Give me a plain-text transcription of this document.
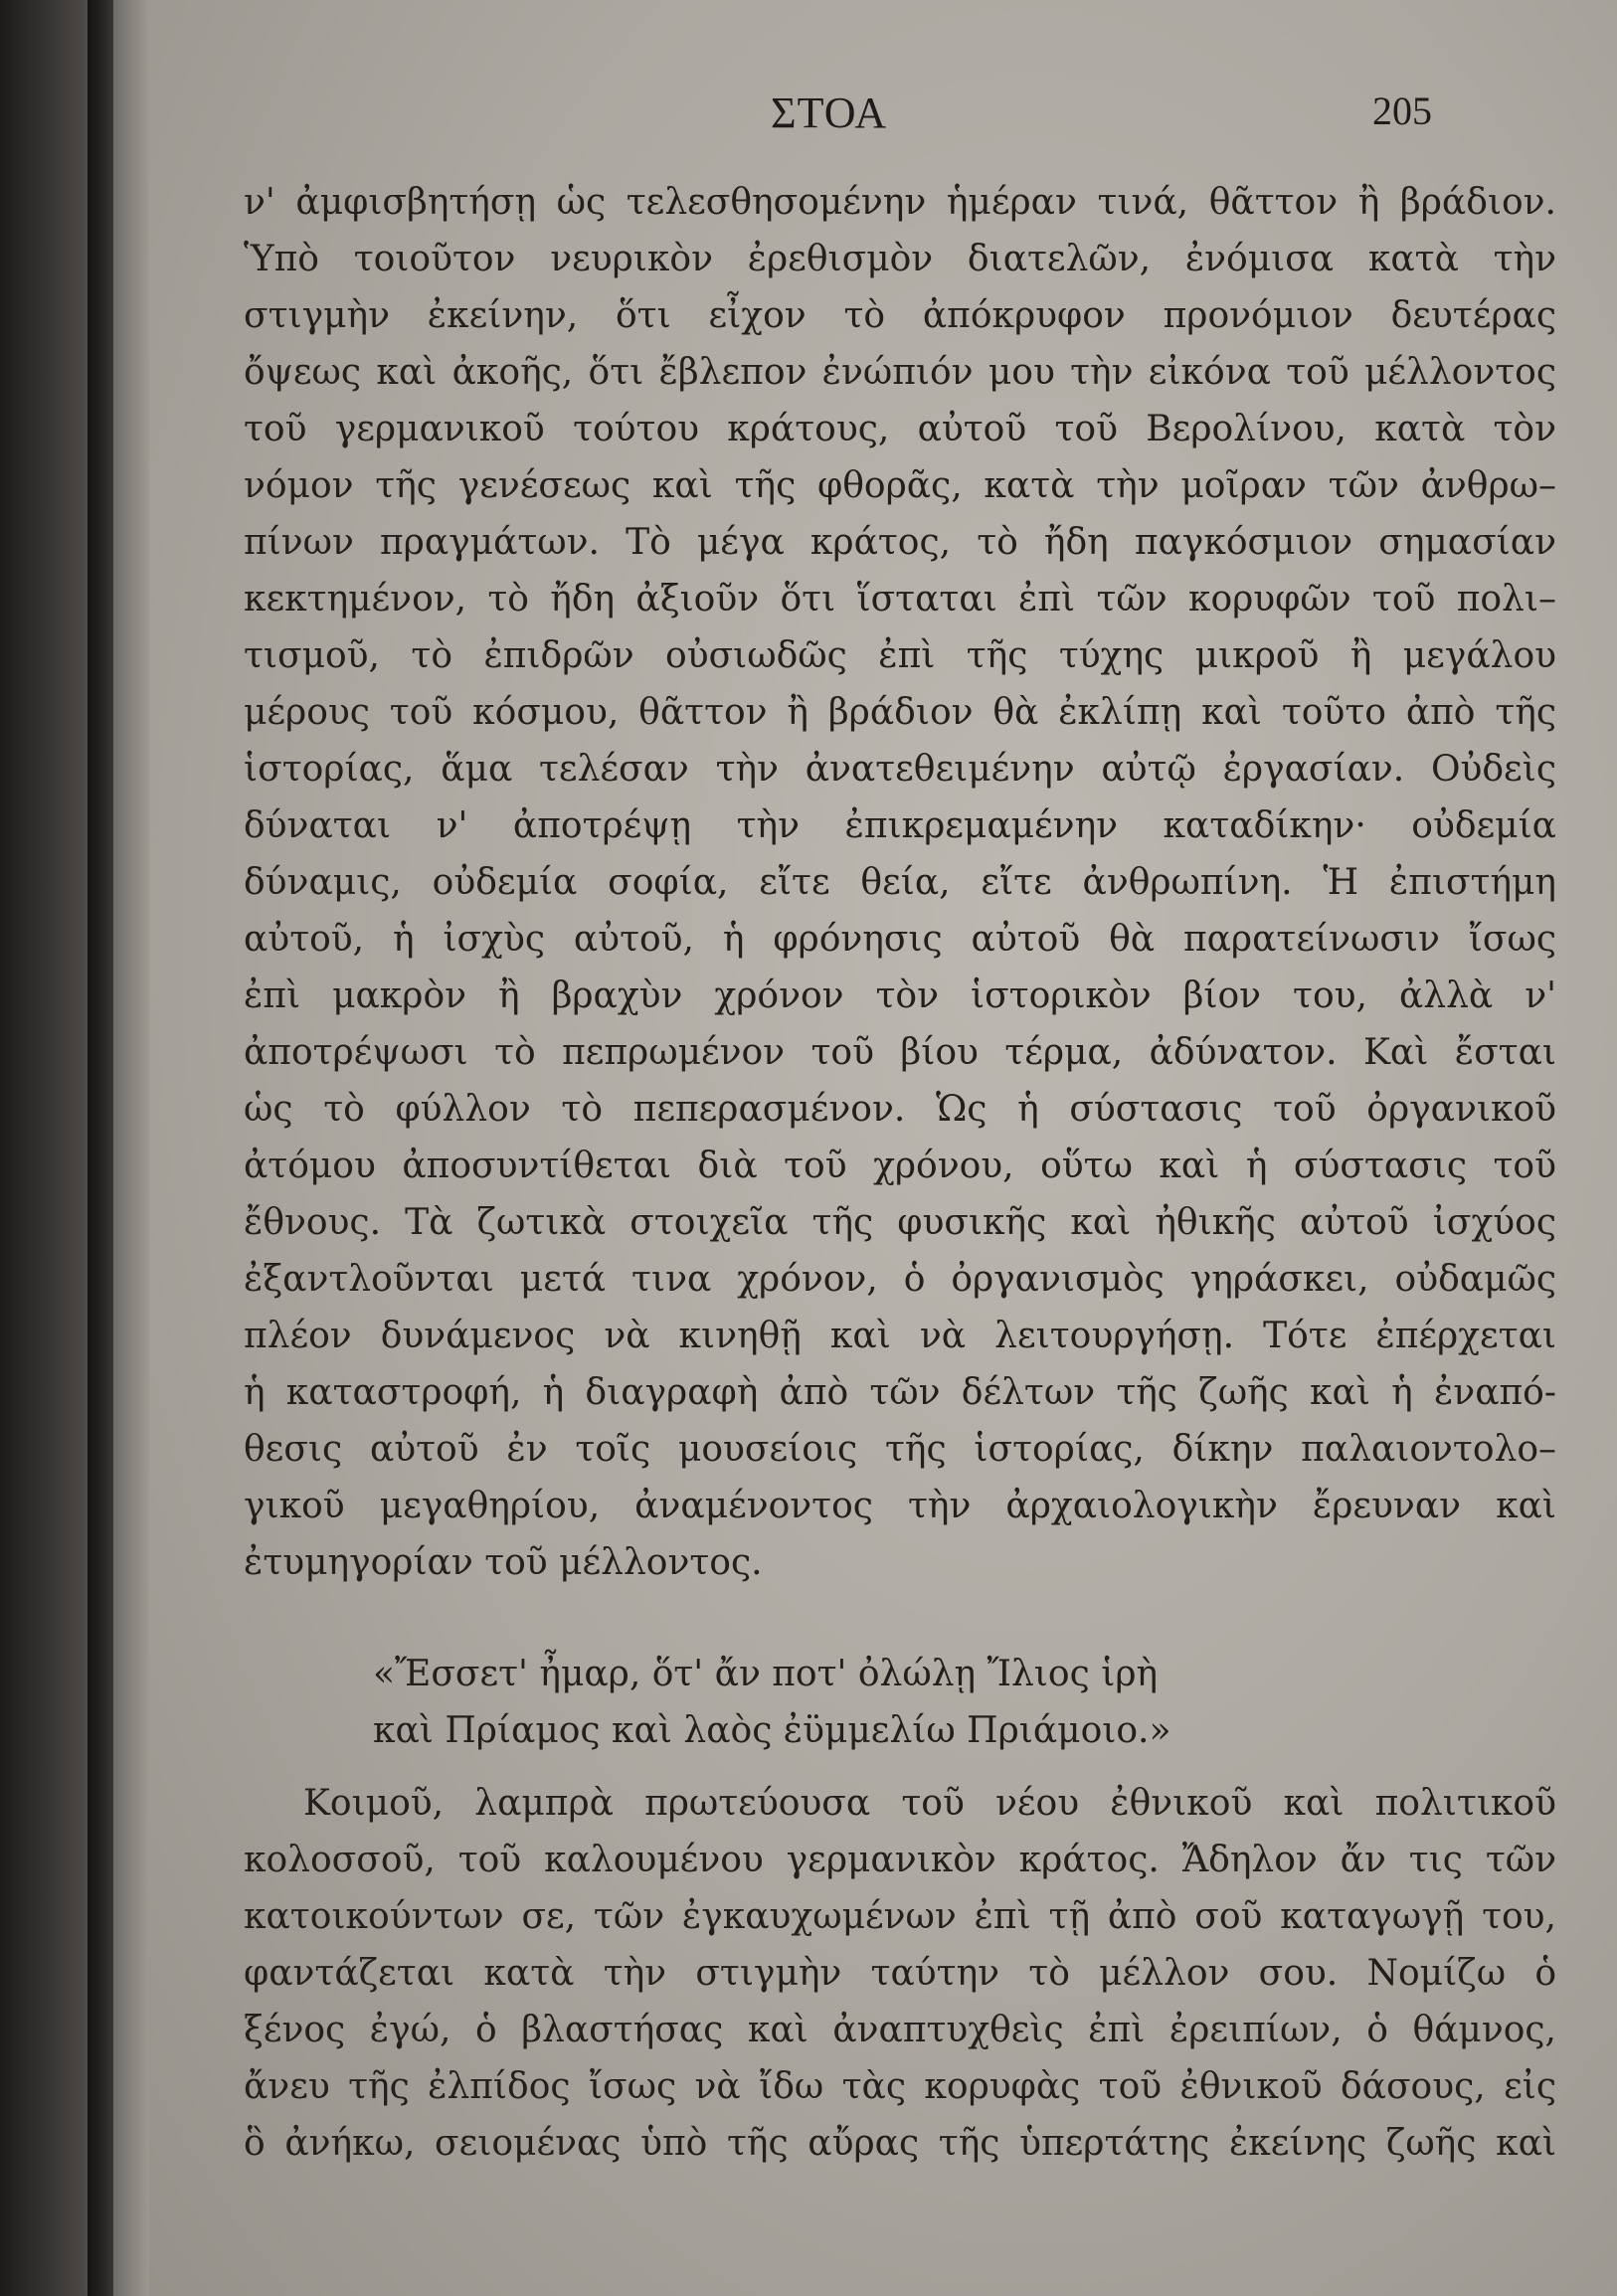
ΣΤΟΑ	205
ν' ἀμφισβητήσῃ ὡς τελεσθησομένην ἡμέραν τινά, θᾶττον ἢ βράδιον.
Ὑπὸ τοιοῦτον νευρικὸν ἐρεθισμὸν διατελῶν, ἐνόμισα κατὰ τὴν
στιγμὴν ἐκείνην, ὅτι εἶχον τὸ ἀπόκρυφον προνόμιον δευτέρας
ὄψεως καὶ ἀκοῆς, ὅτι ἔβλεπον ἐνώπιόν μου τὴν εἰκόνα τοῦ μέλλοντος
τοῦ γερμανικοῦ τούτου κράτους, αὐτοῦ τοῦ Βερολίνου, κατὰ τὸν
νόμον τῆς γενέσεως καὶ τῆς φθορᾶς, κατὰ τὴν μοῖραν τῶν ἀνθρω–
πίνων πραγμάτων. Τὸ μέγα κράτος, τὸ ἤδη παγκόσμιον σημασίαν
κεκτημένον, τὸ ἤδη ἀξιοῦν ὅτι ἵσταται ἐπὶ τῶν κορυφῶν τοῦ πολι–
τισμοῦ, τὸ ἐπιδρῶν οὐσιωδῶς ἐπὶ τῆς τύχης μικροῦ ἢ μεγάλου
μέρους τοῦ κόσμου, θᾶττον ἢ βράδιον θὰ ἐκλίπῃ καὶ τοῦτο ἀπὸ τῆς
ἱστορίας, ἅμα τελέσαν τὴν ἀνατεθειμένην αὐτῷ ἐργασίαν. Οὐδεὶς
δύναται ν' ἀποτρέψῃ τὴν ἐπικρεμαμένην καταδίκην· οὐδεμία
δύναμις, οὐδεμία σοφία, εἴτε θεία, εἴτε ἀνθρωπίνη. Ἡ ἐπιστήμη
αὐτοῦ, ἡ ἰσχὺς αὐτοῦ, ἡ φρόνησις αὐτοῦ θὰ παρατείνωσιν ἴσως
ἐπὶ μακρὸν ἢ βραχὺν χρόνον τὸν ἱστορικὸν βίον του, ἀλλὰ ν'
ἀποτρέψωσι τὸ πεπρωμένον τοῦ βίου τέρμα, ἀδύνατον. Καὶ ἔσται
ὡς τὸ φύλλον τὸ πεπερασμένον. Ὡς ἡ σύστασις τοῦ ὀργανικοῦ
ἀτόμου ἀποσυντίθεται διὰ τοῦ χρόνου, οὕτω καὶ ἡ σύστασις τοῦ
ἔθνους. Τὰ ζωτικὰ στοιχεῖα τῆς φυσικῆς καὶ ἠθικῆς αὐτοῦ ἰσχύος
ἐξαντλοῦνται μετά τινα χρόνον, ὁ ὀργανισμὸς γηράσκει, οὐδαμῶς
πλέον δυνάμενος νὰ κινηθῇ καὶ νὰ λειτουργήσῃ. Τότε ἐπέρχεται
ἡ καταστροφή, ἡ διαγραφὴ ἀπὸ τῶν δέλτων τῆς ζωῆς καὶ ἡ ἐναπό-
θεσις αὐτοῦ ἐν τοῖς μουσείοις τῆς ἱστορίας, δίκην παλαιοντολο–
γικοῦ μεγαθηρίου, ἀναμένοντος τὴν ἀρχαιολογικὴν ἔρευναν καὶ
ἐτυμηγορίαν τοῦ μέλλοντος.
«Ἔσσετ' ἦμαρ, ὅτ' ἄν ποτ' ὀλώλῃ Ἴλιος ἱρὴ
καὶ Πρίαμος καὶ λαὸς ἐϋμμελίω Πριάμοιο.»
Κοιμοῦ, λαμπρὰ πρωτεύουσα τοῦ νέου ἐθνικοῦ καὶ πολιτικοῦ
κολοσσοῦ, τοῦ καλουμένου γερμανικὸν κράτος. Ἄδηλον ἄν τις τῶν
κατοικούντων σε, τῶν ἐγκαυχωμένων ἐπὶ τῇ ἀπὸ σοῦ καταγωγῇ του,
φαντάζεται κατὰ τὴν στιγμὴν ταύτην τὸ μέλλον σου. Νομίζω ὁ
ξένος ἐγώ, ὁ βλαστήσας καὶ ἀναπτυχθεὶς ἐπὶ ἐρειπίων, ὁ θάμνος,
ἄνευ τῆς ἐλπίδος ἴσως νὰ ἴδω τὰς κορυφὰς τοῦ ἐθνικοῦ δάσους, εἰς
ὃ ἀνήκω, σειομένας ὑπὸ τῆς αὔρας τῆς ὑπερτάτης ἐκείνης ζωῆς καὶ
